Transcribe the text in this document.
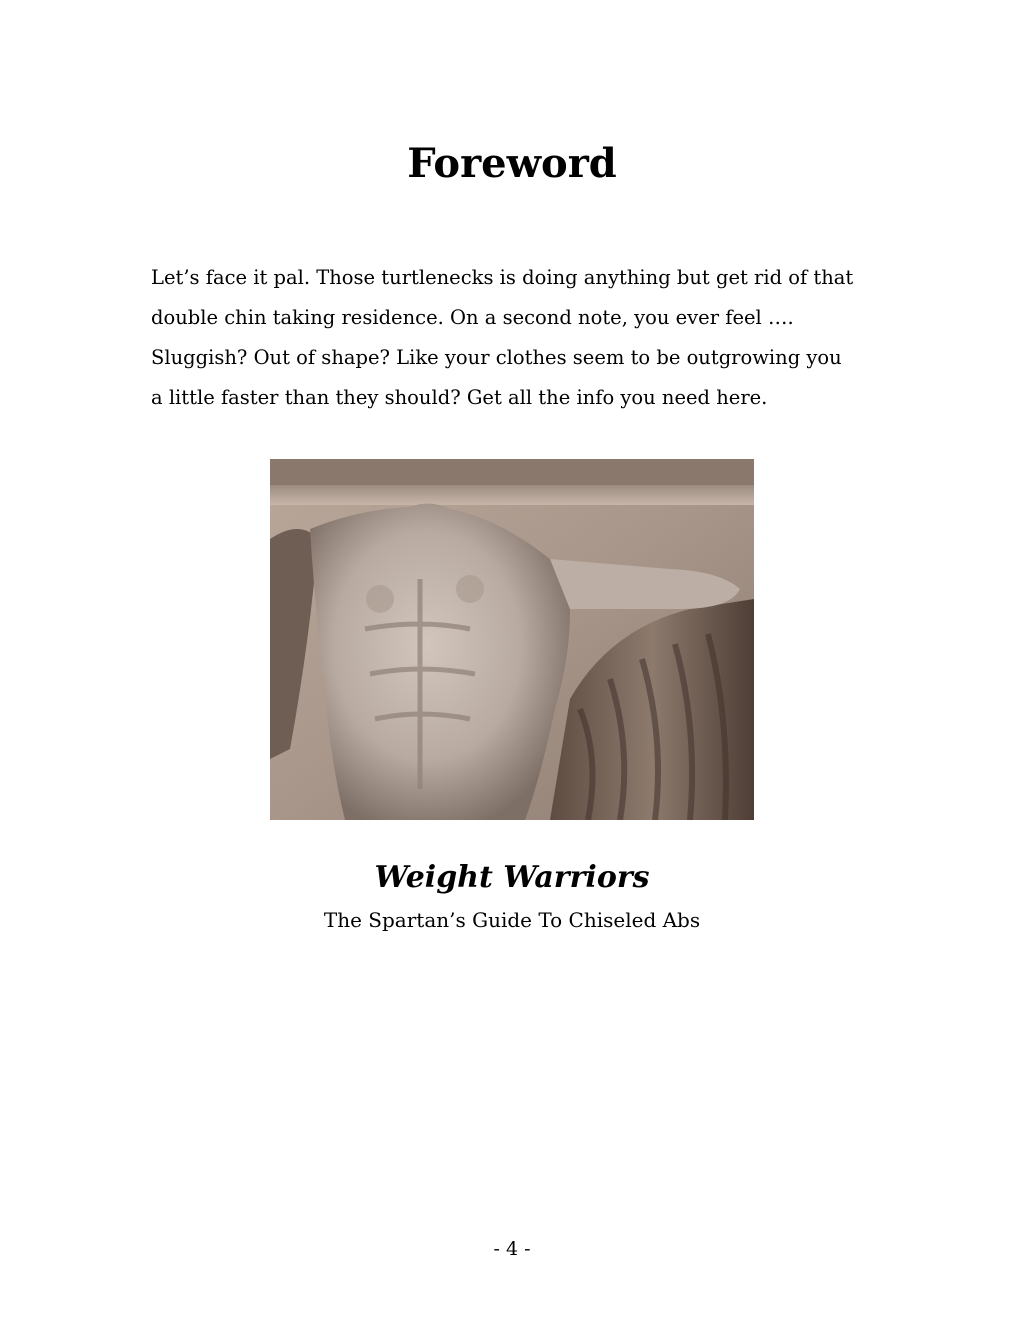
Foreword
Let’s face it pal. Those turtlenecks is doing anything but get rid of that
double chin taking residence. On a second note, you ever feel ….
Sluggish? Out of shape? Like your clothes seem to be outgrowing you
a little faster than they should? Get all the info you need here.
Weight Warriors

The Spartan’s Guide To Chiseled Abs

- 4 -
